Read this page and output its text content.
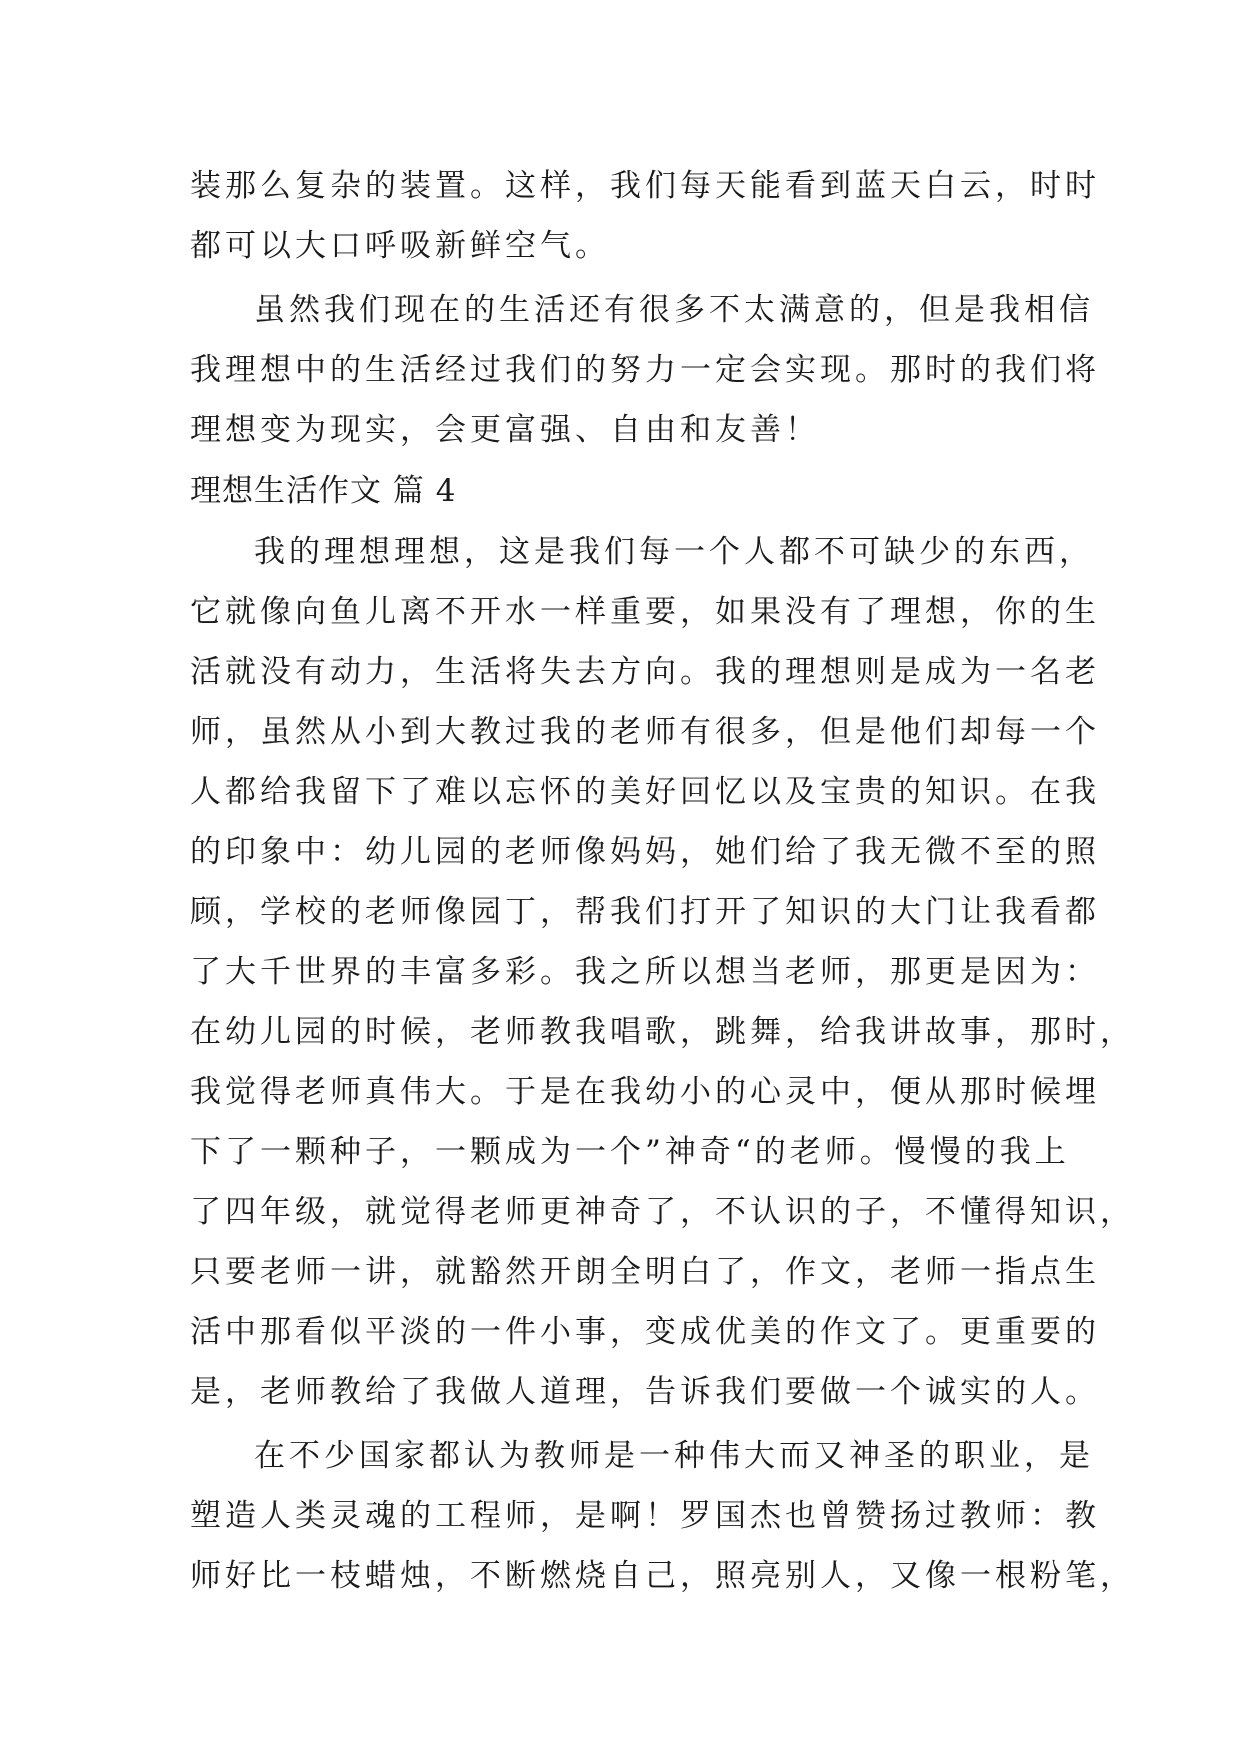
装那么复杂的装置。这样，我们每天能看到蓝天白云，时时
都可以大口呼吸新鲜空气。
虽然我们现在的生活还有很多不太满意的，但是我相信
我理想中的生活经过我们的努力一定会实现。那时的我们将
理想变为现实，会更富强、自由和友善！
理想生活作文 篇 4
我的理想理想，这是我们每一个人都不可缺少的东西，
它就像向鱼儿离不开水一样重要，如果没有了理想，你的生
活就没有动力，生活将失去方向。我的理想则是成为一名老
师，虽然从小到大教过我的老师有很多，但是他们却每一个
人都给我留下了难以忘怀的美好回忆以及宝贵的知识。在我
的印象中：幼儿园的老师像妈妈，她们给了我无微不至的照
顾，学校的老师像园丁，帮我们打开了知识的大门让我看都
了大千世界的丰富多彩。我之所以想当老师，那更是因为：
在幼儿园的时候，老师教我唱歌，跳舞，给我讲故事，那时，
我觉得老师真伟大。于是在我幼小的心灵中，便从那时候埋
下了一颗种子，一颗成为一个”神奇“的老师。慢慢的我上
了四年级，就觉得老师更神奇了，不认识的子，不懂得知识，
只要老师一讲，就豁然开朗全明白了，作文，老师一指点生
活中那看似平淡的一件小事，变成优美的作文了。更重要的
是，老师教给了我做人道理，告诉我们要做一个诚实的人。
在不少国家都认为教师是一种伟大而又神圣的职业，是
塑造人类灵魂的工程师，是啊！罗国杰也曾赞扬过教师：教
师好比一枝蜡烛，不断燃烧自己，照亮别人，又像一根粉笔，
